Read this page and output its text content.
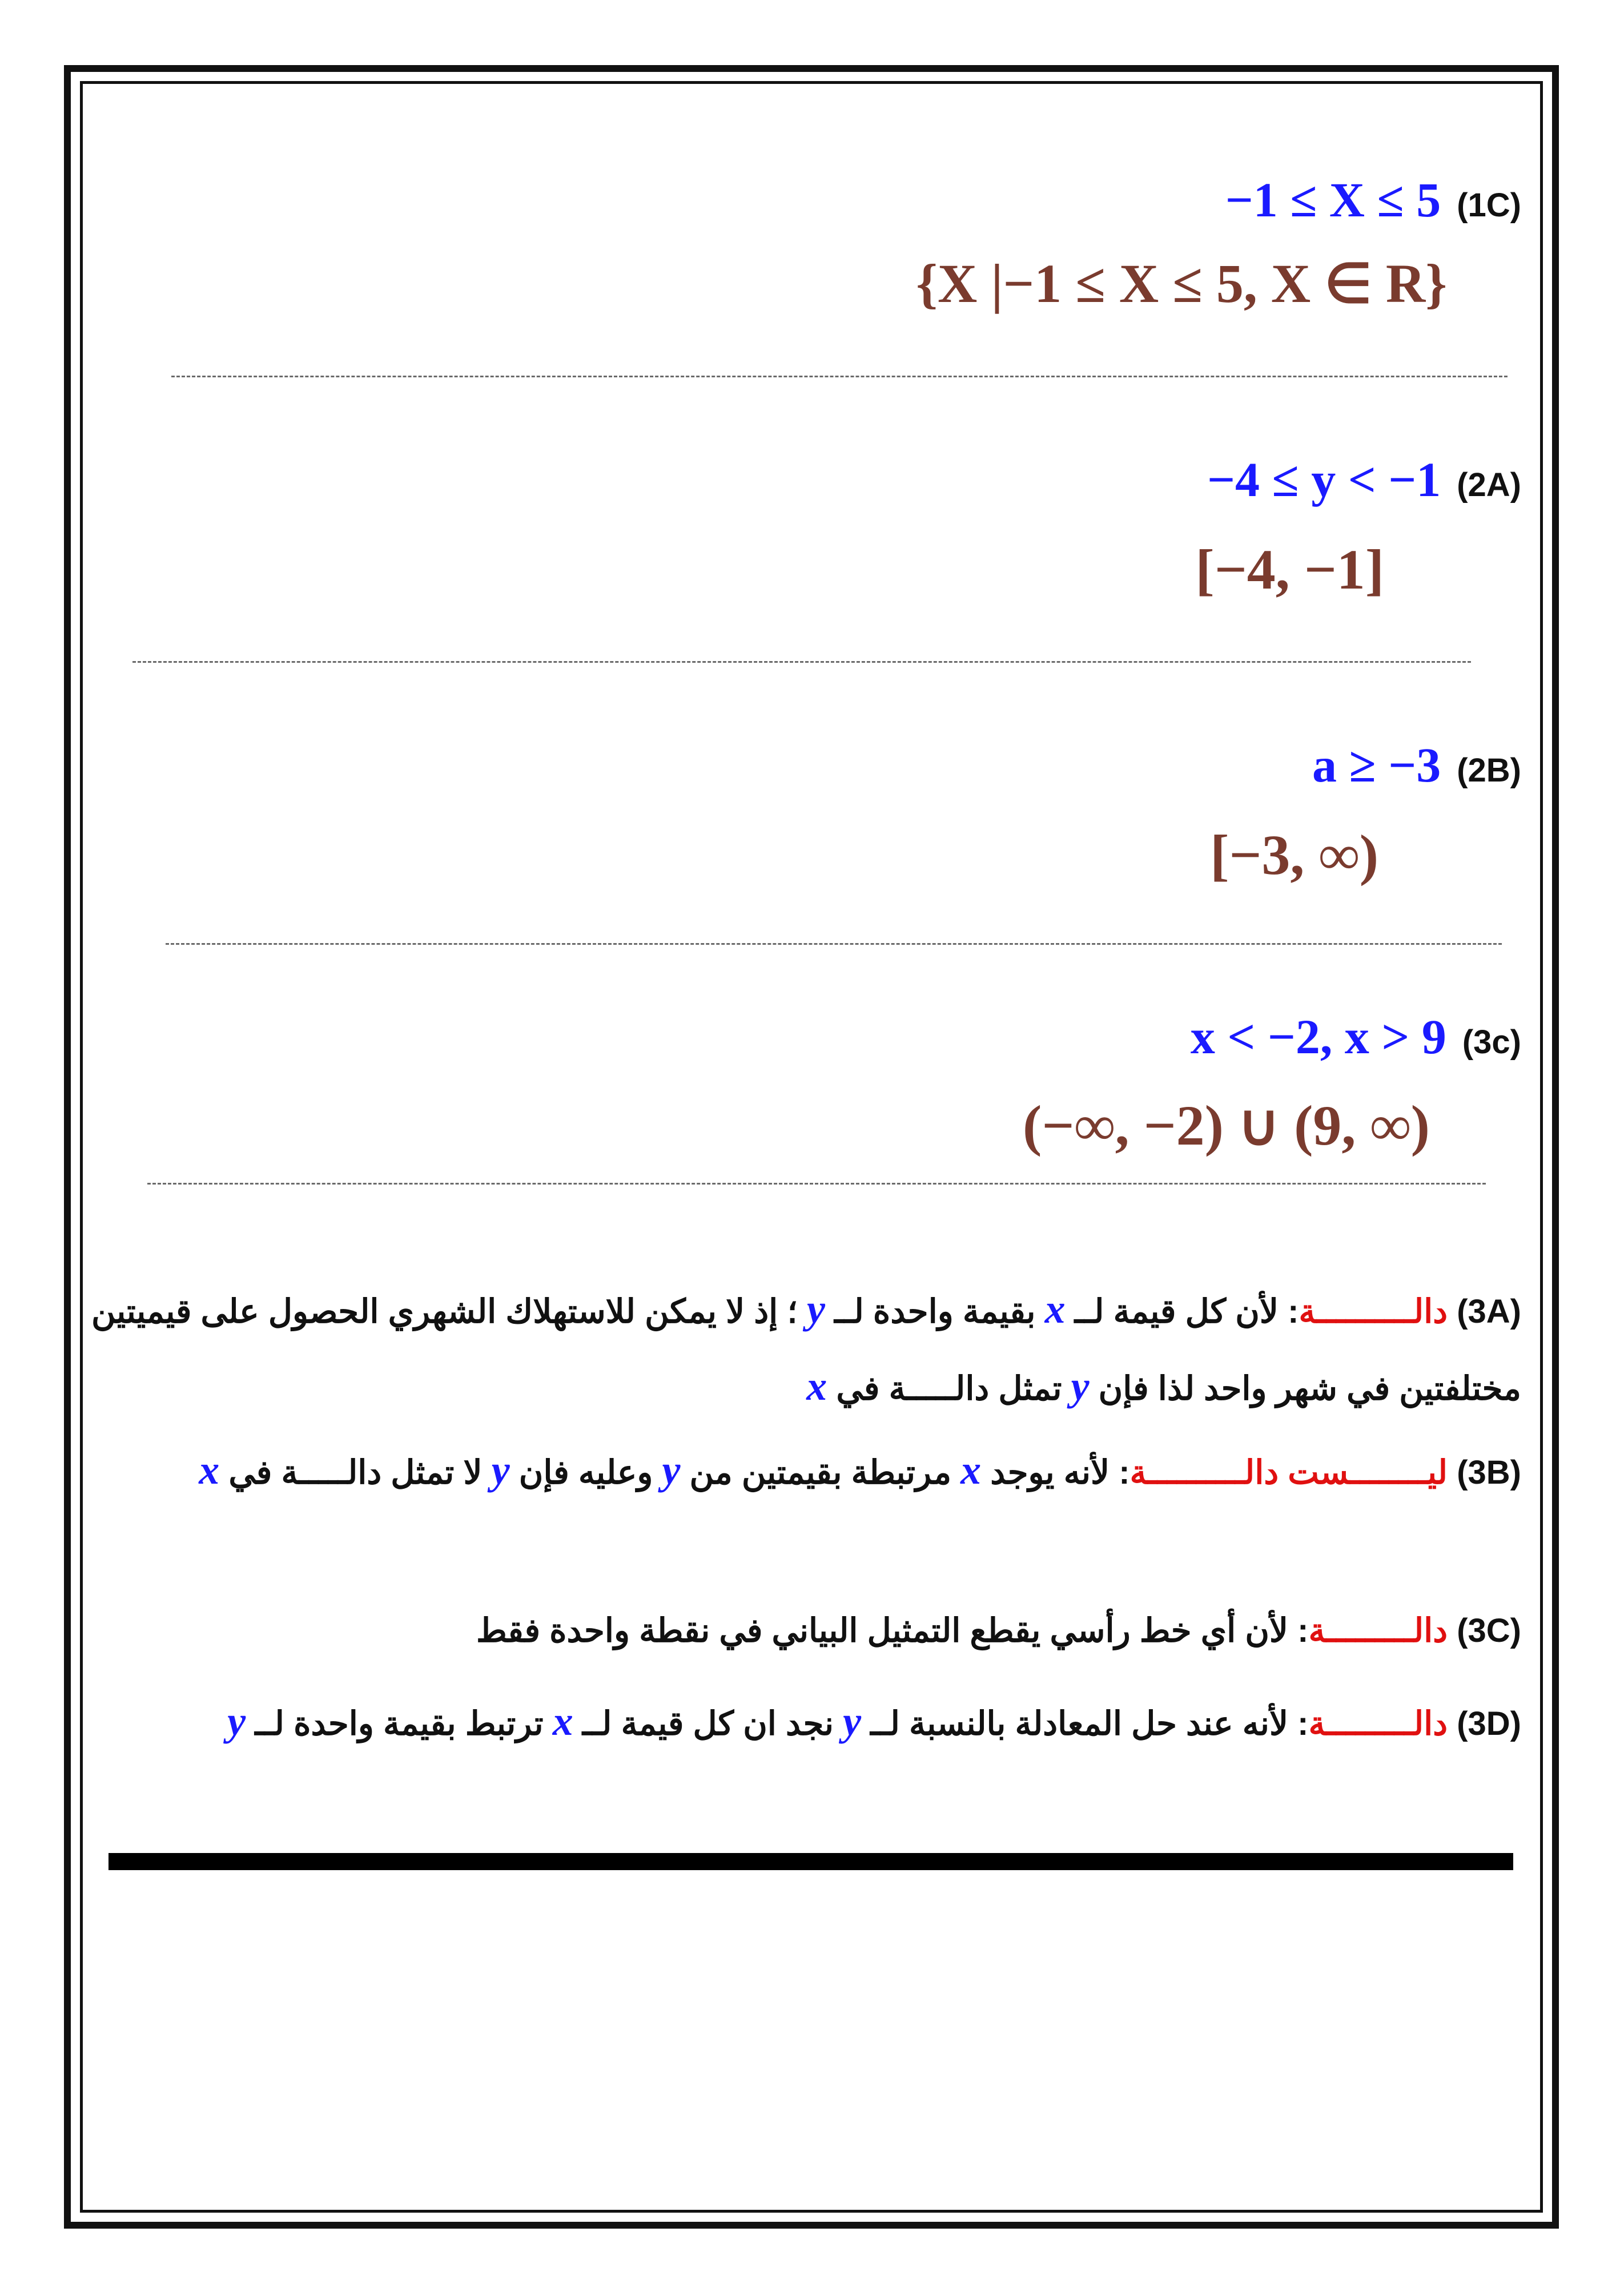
−1 ≤ X ≤ 5 (1C)
{X |−1 ≤ X ≤ 5, X ∈ R}
−4 ≤ y < −1 (2A)
[−4, −1]
a ≥ −3 (2B)
[−3, ∞)
x < −2, x > 9 (3c)
(−∞, −2) ∪ (9, ∞)
(3A) دالــــــــــة: لأن كل قيمة لــ x بقيمة واحدة لــ y ؛ إذ لا يمكن للاستهلاك الشهري الحصول على قيميتين مختلفتين في شهر واحد لذا فإن y تمثل دالـــــة في x
(3B) ليــــــــست دالــــــــــة: لأنه يوجد x مرتبطة بقيمتين من y وعليه فإن y لا تمثل دالـــــة في x
(3C) دالـــــــــة: لأن أي خط رأسي يقطع التمثيل البياني في نقطة واحدة فقط
(3D) دالـــــــــة: لأنه عند حل المعادلة بالنسبة لــ y نجد ان كل قيمة لــ x ترتبط بقيمة واحدة لــ y
